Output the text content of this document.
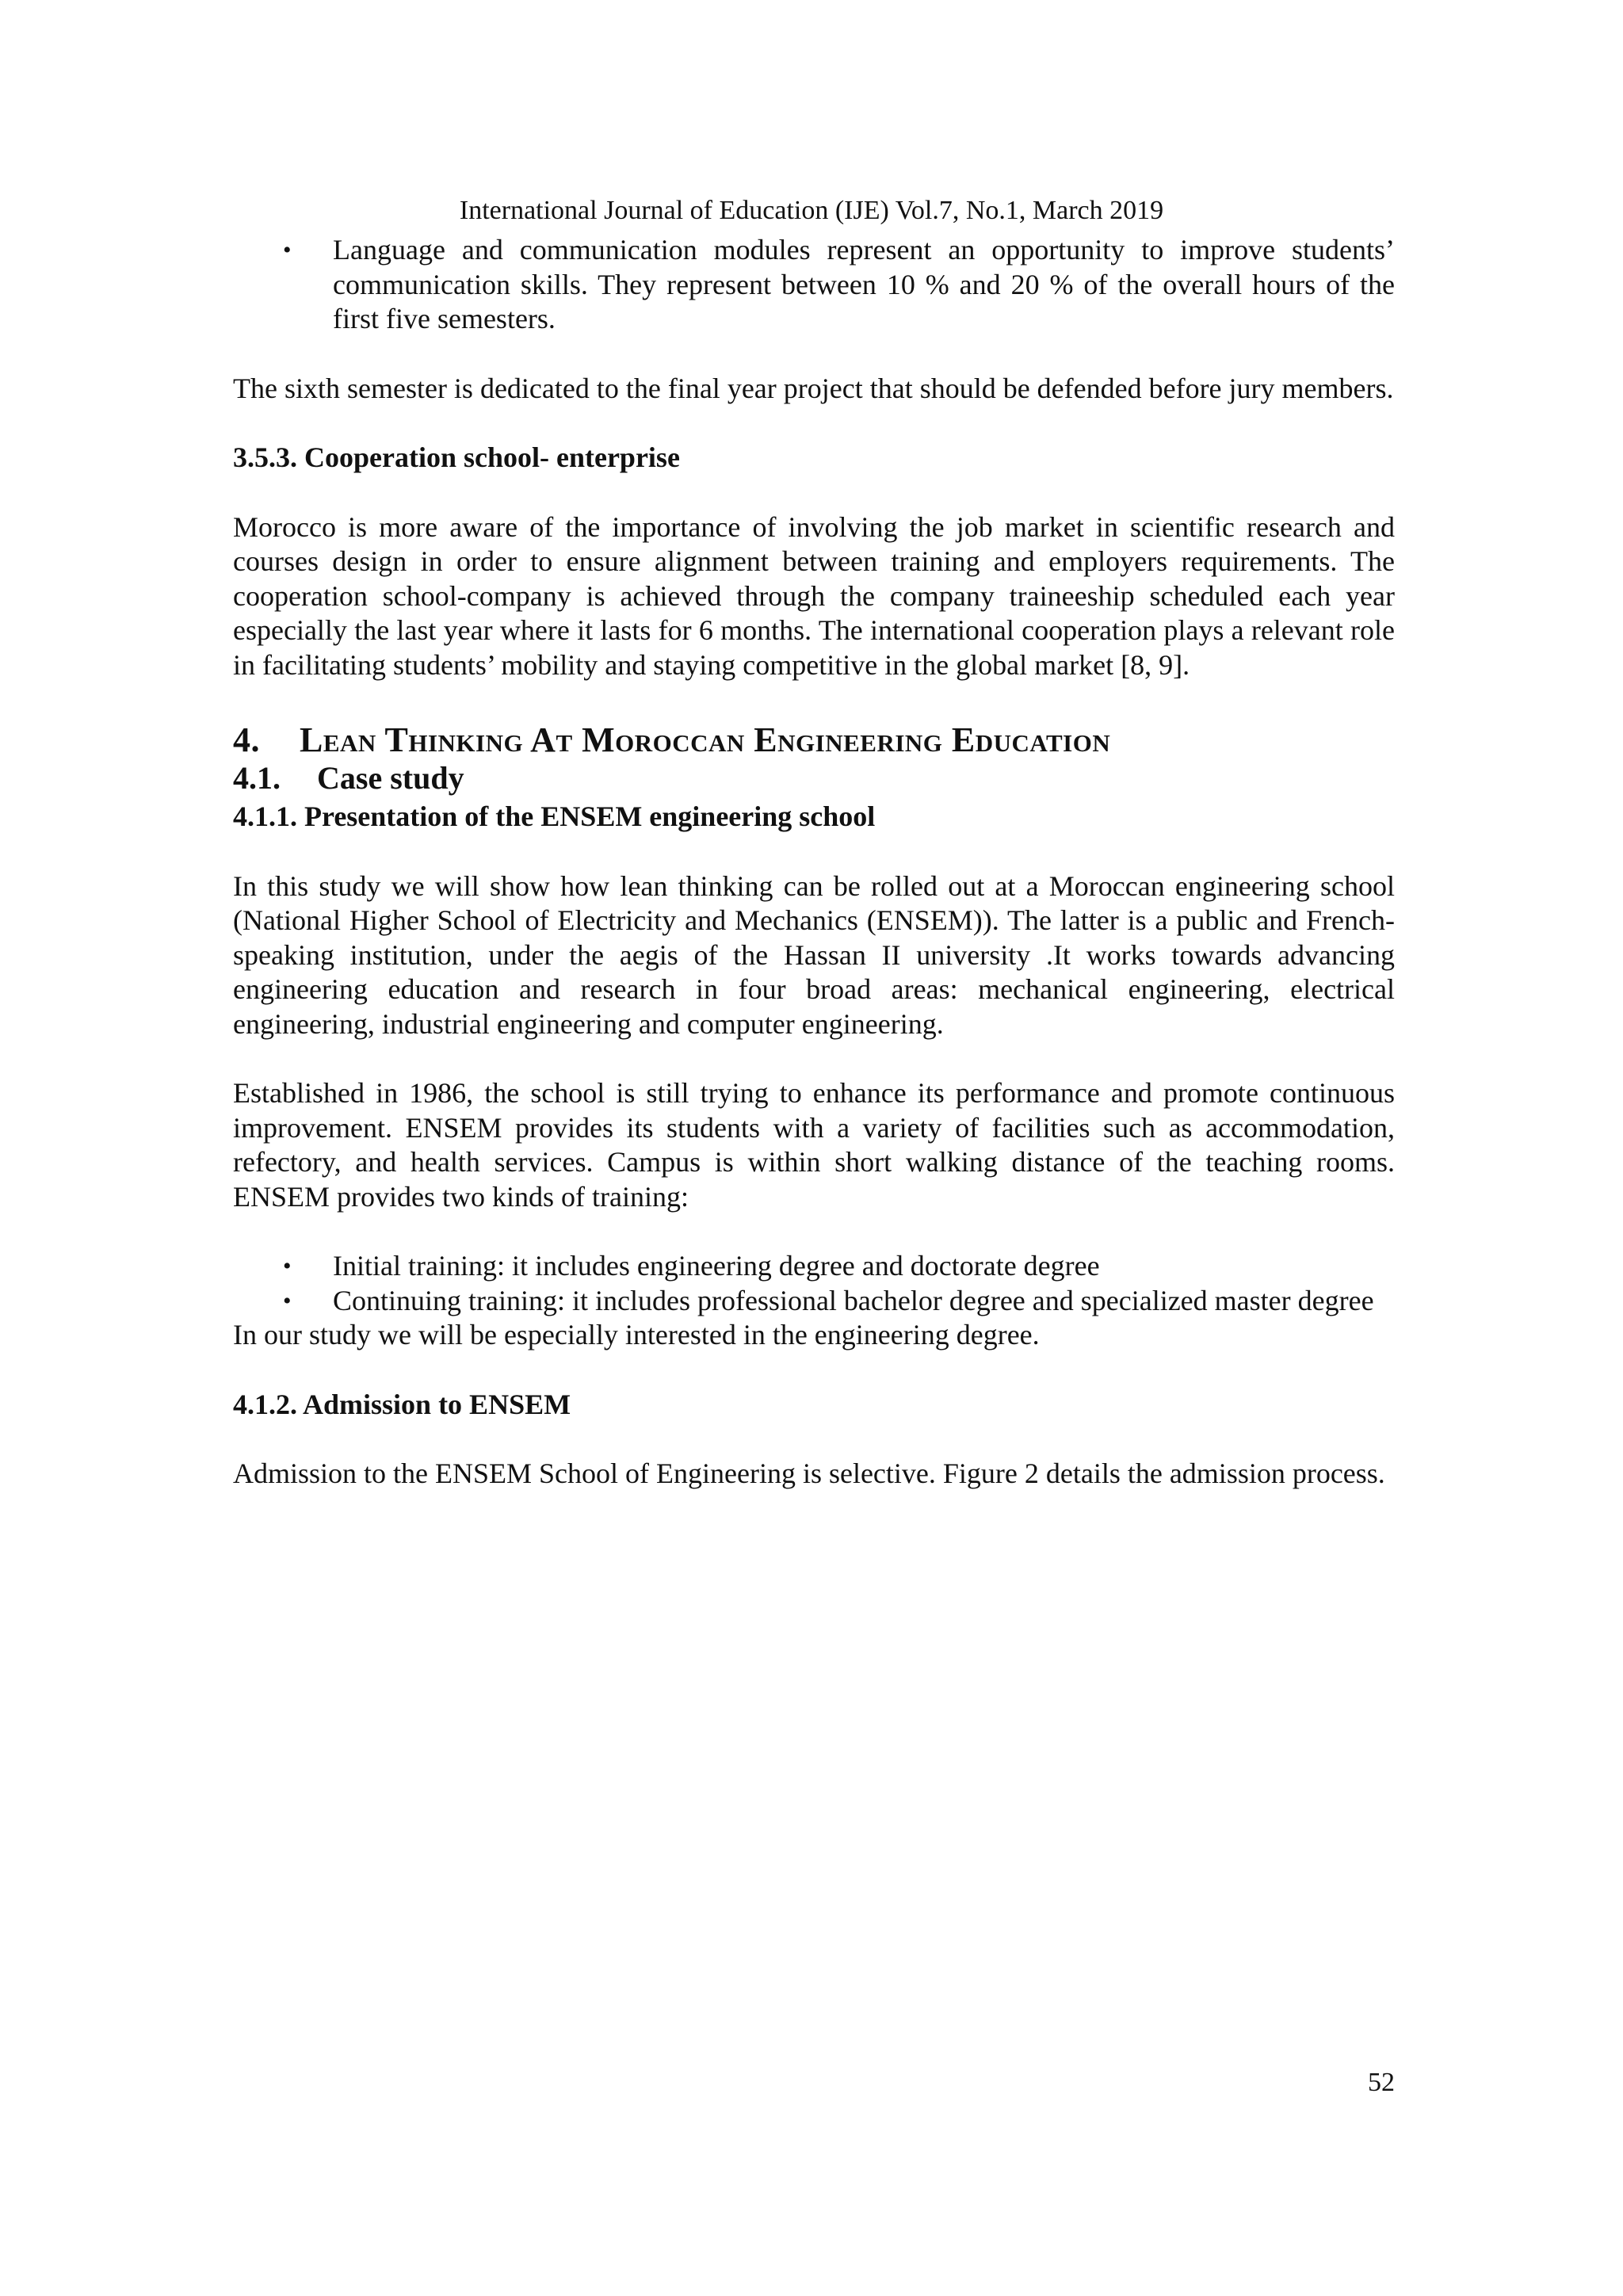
International Journal of Education (IJE) Vol.7, No.1, March 2019
• Language and communication modules represent an opportunity to improve students’ communication skills. They represent between 10 % and 20 % of the overall hours of the first five semesters.

The sixth semester is dedicated to the final year project that should be defended before jury members.

3.5.3. Cooperation school- enterprise

Morocco is more aware of the importance of involving the job market in scientific research and courses design in order to ensure alignment between training and employers requirements. The cooperation school-company is achieved through the company traineeship scheduled each year especially the last year where it lasts for 6 months. The international cooperation plays a relevant role in facilitating students’ mobility and staying competitive in the global market [8, 9].

4. Lean Thinking At Moroccan Engineering Education
4.1. Case study
4.1.1. Presentation of the ENSEM engineering school

In this study we will show how lean thinking can be rolled out at a Moroccan engineering school (National Higher School of Electricity and Mechanics (ENSEM)). The latter is a public and French-speaking institution, under the aegis of the Hassan II university .It works towards advancing engineering education and research in four broad areas: mechanical engineering, electrical engineering, industrial engineering and computer engineering.

Established in 1986, the school is still trying to enhance its performance and promote continuous improvement. ENSEM provides its students with a variety of facilities such as accommodation, refectory, and health services. Campus is within short walking distance of the teaching rooms. ENSEM provides two kinds of training:

• Initial training: it includes engineering degree and doctorate degree
• Continuing training: it includes professional bachelor degree and specialized master degree

In our study we will be especially interested in the engineering degree.

4.1.2. Admission to ENSEM

Admission to the ENSEM School of Engineering is selective. Figure 2 details the admission process.

52
